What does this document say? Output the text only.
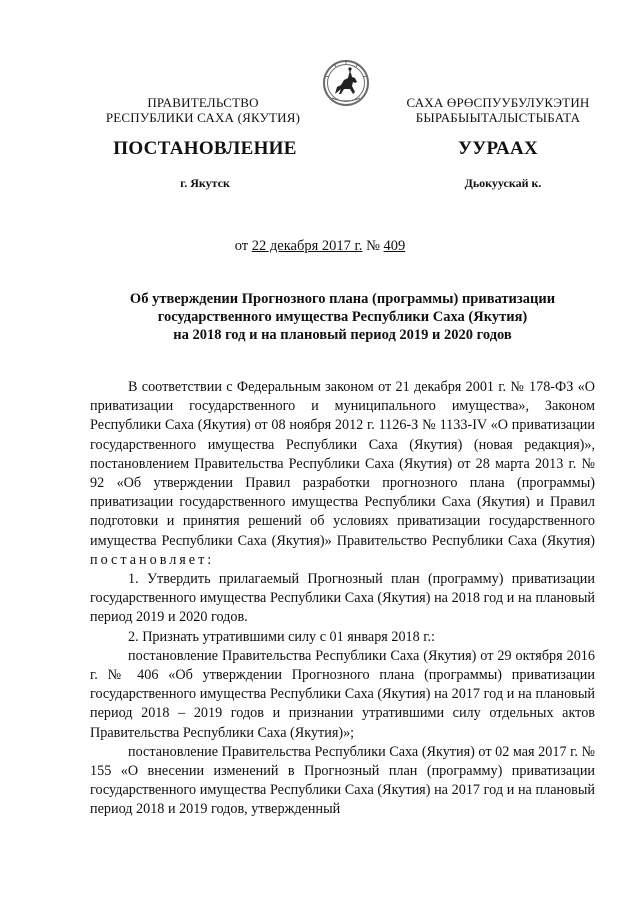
ПРАВИТЕЛЬСТВО
РЕСПУБЛИКИ САХА (ЯКУТИЯ)
САХА ӨРӨСПУУБУЛУКЭТИН
БЫРАБЫЫТАЛЫСТЫБАТА
ПОСТАНОВЛЕНИЕ	УУРААХ
г. Якутск	Дьокуускай к.
от 22 декабря 2017 г. № 409
Об утверждении Прогнозного плана (программы) приватизации
государственного имущества Республики Саха (Якутия)
на 2018 год и на плановый период 2019 и 2020 годов

В соответствии с Федеральным законом от 21 декабря 2001 г. № 178-ФЗ «О приватизации государственного и муниципального имущества», Законом Республики Саха (Якутия) от 08 ноября 2012 г. 1126-З № 1133-IV «О приватизации государственного имущества Республики Саха (Якутия) (новая редакция)», постановлением Правительства Республики Саха (Якутия) от 28 марта 2013 г. № 92 «Об утверждении Правил разработки прогнозного плана (программы) приватизации государственного имущества Республики Саха (Якутия) и Правил подготовки и принятия решений об условиях приватизации государственного имущества Республики Саха (Якутия)» Правительство Республики Саха (Якутия) постановляет:

1. Утвердить прилагаемый Прогнозный план (программу) приватизации государственного имущества Республики Саха (Якутия) на 2018 год и на плановый период 2019 и 2020 годов.

2. Признать утратившими силу с 01 января 2018 г.:

постановление Правительства Республики Саха (Якутия) от 29 октября 2016 г. № 406 «Об утверждении Прогнозного плана (программы) приватизации государственного имущества Республики Саха (Якутия) на 2017 год и на плановый период 2018 – 2019 годов и признании утратившими силу отдельных актов Правительства Республики Саха (Якутия)»;

постановление Правительства Республики Саха (Якутия) от 02 мая 2017 г. № 155 «О внесении изменений в Прогнозный план (программу) приватизации государственного имущества Республики Саха (Якутия) на 2017 год и на плановый период 2018 и 2019 годов, утвержденный
